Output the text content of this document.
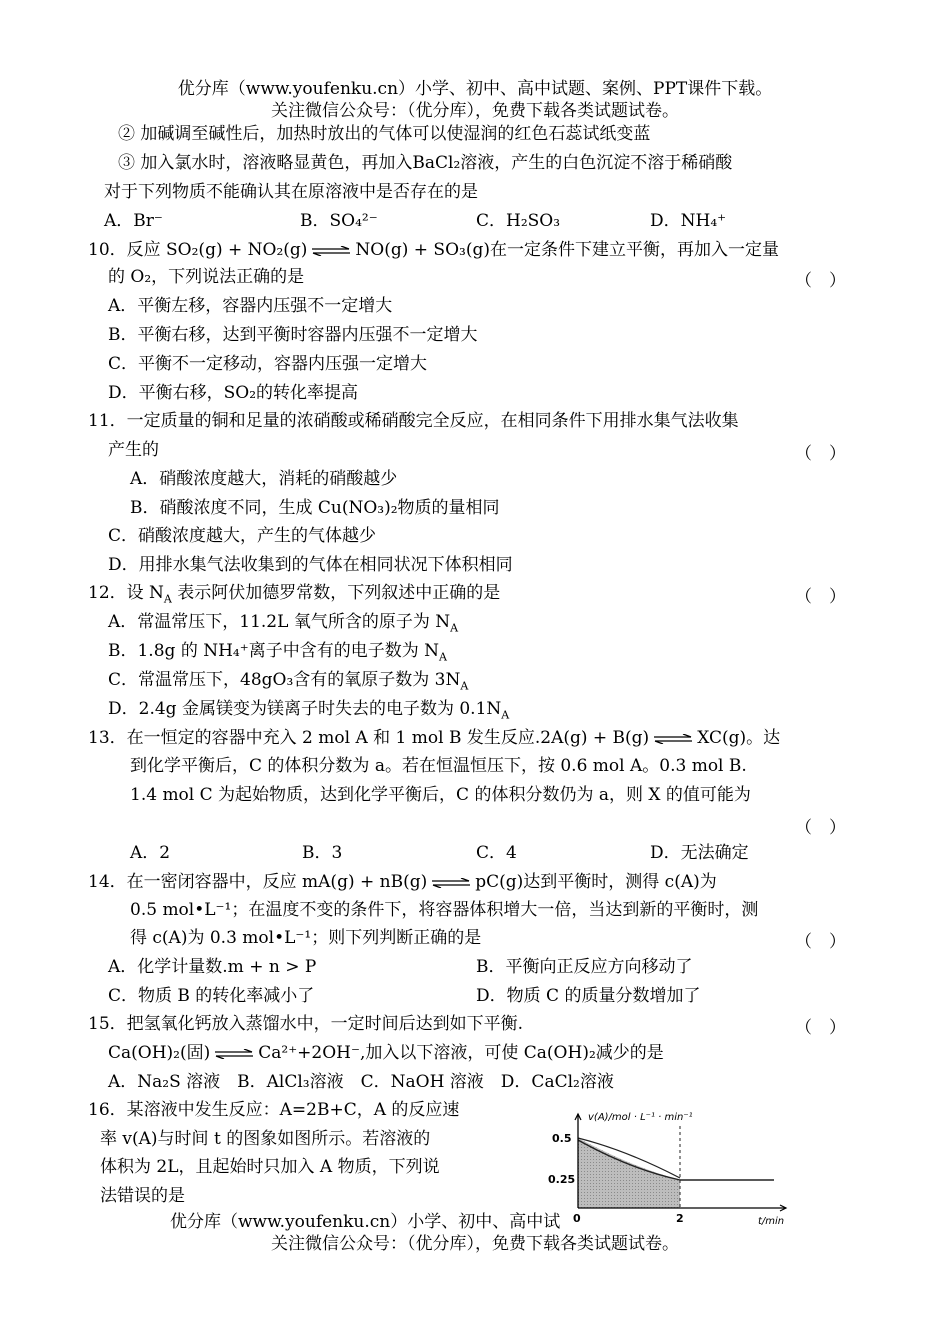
优分库（www.youfenku.cn）小学、初中、高中试题、案例、PPT课件下载。
关注微信公众号：（优分库），免费下载各类试题试卷。
② 加碱调至碱性后，加热时放出的气体可以使湿润的红色石蕊试纸变蓝
③ 加入氯水时，溶液略显黄色，再加入BaCl₂溶液，产生的白色沉淀不溶于稀硝酸
对于下列物质不能确认其在原溶液中是否存在的是
A．Br⁻	B．SO₄²⁻	C．H₂SO₃	D．NH₄⁺
10．反应 SO₂(g) + NO₂(g) ⇌ NO(g) + SO₃(g)在一定条件下建立平衡，再加入一定量
的 O₂，下列说法正确的是	（　）
A．平衡左移，容器内压强不一定增大
B．平衡右移，达到平衡时容器内压强不一定增大
C．平衡不一定移动，容器内压强一定增大
D．平衡右移，SO₂的转化率提高
11．一定质量的铜和足量的浓硝酸或稀硝酸完全反应，在相同条件下用排水集气法收集
产生的	（　）
A．硝酸浓度越大，消耗的硝酸越少
B．硝酸浓度不同，生成 Cu(NO₃)₂物质的量相同
C．硝酸浓度越大，产生的气体越少
D．用排水集气法收集到的气体在相同状况下体积相同
12．设 $N_A$ 表示阿伏加德罗常数，下列叙述中正确的是	（　）
A．常温常压下，11.2L 氧气所含的原子为 $N_A$
B．1.8g 的 NH₄⁺离子中含有的电子数为 $N_A$
C．常温常压下，48gO₃含有的氧原子数为 $3N_A$
D．2.4g 金属镁变为镁离子时失去的电子数为 $0.1N_A$
13．在一恒定的容器中充入 2 mol A 和 1 mol B 发生反应.2A(g) + B(g) ⇌ XC(g)。达
到化学平衡后，C 的体积分数为 a。若在恒温恒压下，按 0.6 mol A。0.3 mol B.
1.4 mol C 为起始物质，达到化学平衡后，C 的体积分数仍为 a，则 X 的值可能为
（　）
A．2	B．3	C．4	D．无法确定
14．在一密闭容器中，反应 mA(g) + nB(g) ⇌ pC(g)达到平衡时，测得 c(A)为
0.5 mol•L⁻¹；在温度不变的条件下，将容器体积增大一倍，当达到新的平衡时，测
得 c(A)为 0.3 mol•L⁻¹；则下列判断正确的是	（　）
A．化学计量数.m + n > P	B．平衡向正反应方向移动了
C．物质 B 的转化率减小了	D．物质 C 的质量分数增加了
15．把氢氧化钙放入蒸馏水中，一定时间后达到如下平衡.	（　）
Ca(OH)₂(固) ⇌ Ca²⁺+2OH⁻,加入以下溶液，可使 Ca(OH)₂减少的是
A．Na₂S 溶液　B．AlCl₃溶液　C．NaOH 溶液　D．CaCl₂溶液
16．某溶液中发生反应：A=2B+C，A 的反应速
率 v(A)与时间 t 的图象如图所示。若溶液的
体积为 2L，且起始时只加入 A 物质，下列说
法错误的是
v(A)/mol · L⁻¹ · min⁻¹
0.5
0.25
0	2	t/min
优分库（www.youfenku.cn）小学、初中、高中试
关注微信公众号：（优分库），免费下载各类试题试卷。
